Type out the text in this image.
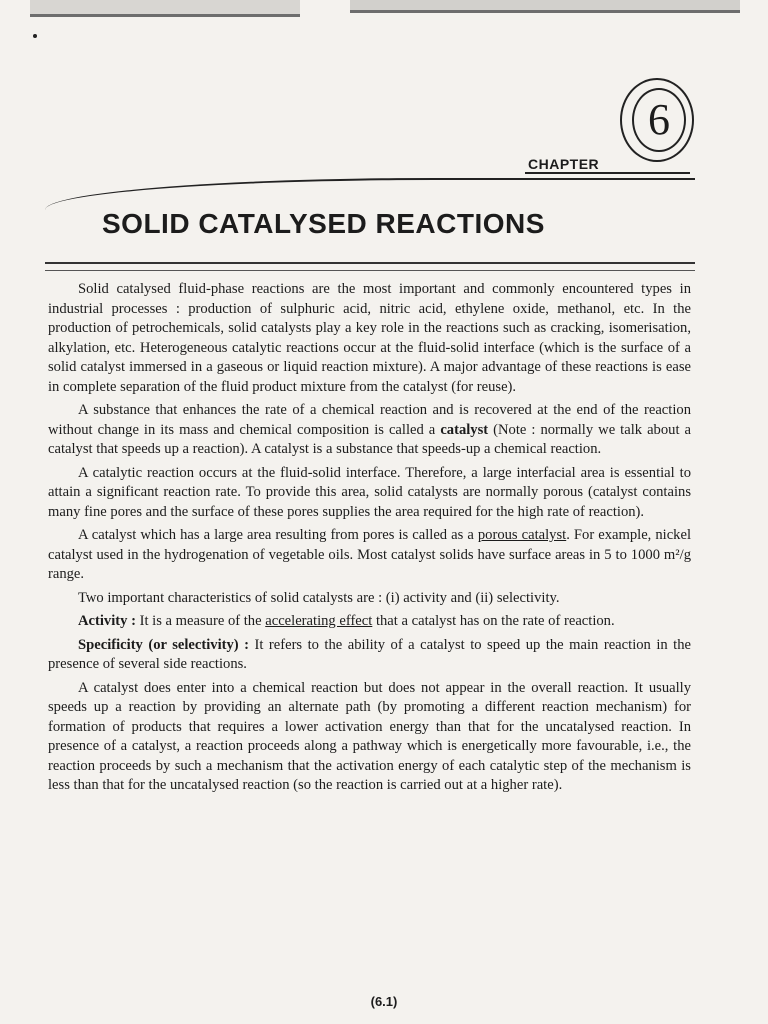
6
CHAPTER
SOLID CATALYSED REACTIONS

Solid catalysed fluid-phase reactions are the most important and commonly encountered types in industrial processes : production of sulphuric acid, nitric acid, ethylene oxide, methanol, etc. In the production of petrochemicals, solid catalysts play a key role in the reactions such as cracking, isomerisation, alkylation, etc. Heterogeneous catalytic reactions occur at the fluid-solid interface (which is the surface of a solid catalyst immersed in a gaseous or liquid reaction mixture). A major advantage of these reactions is ease in complete separation of the fluid product mixture from the catalyst (for reuse).

A substance that enhances the rate of a chemical reaction and is recovered at the end of the reaction without change in its mass and chemical composition is called a catalyst (Note : normally we talk about a catalyst that speeds up a reaction). A catalyst is a substance that speeds-up a chemical reaction.

A catalytic reaction occurs at the fluid-solid interface. Therefore, a large interfacial area is essential to attain a significant reaction rate. To provide this area, solid catalysts are normally porous (catalyst contains many fine pores and the surface of these pores supplies the area required for the high rate of reaction).

A catalyst which has a large area resulting from pores is called as a porous catalyst. For example, nickel catalyst used in the hydrogenation of vegetable oils. Most catalyst solids have surface areas in 5 to 1000 m²/g range.

Two important characteristics of solid catalysts are : (i) activity and (ii) selectivity.

Activity : It is a measure of the accelerating effect that a catalyst has on the rate of reaction.

Specificity (or selectivity) : It refers to the ability of a catalyst to speed up the main reaction in the presence of several side reactions.

A catalyst does enter into a chemical reaction but does not appear in the overall reaction. It usually speeds up a reaction by providing an alternate path (by promoting a different reaction mechanism) for formation of products that requires a lower activation energy than that for the uncatalysed reaction. In presence of a catalyst, a reaction proceeds along a pathway which is energetically more favourable, i.e., the reaction proceeds by such a mechanism that the activation energy of each catalytic step of the mechanism is less than that for the uncatalysed reaction (so the reaction is carried out at a higher rate).

(6.1)
